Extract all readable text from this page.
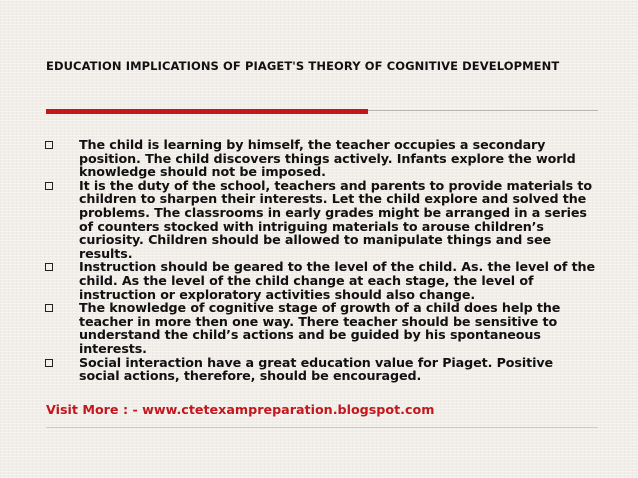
EDUCATION IMPLICATIONS OF PIAGET'S THEORY OF COGNITIVE DEVELOPMENT
The child is learning by himself, the teacher occupies a secondary position. The child discovers things actively. Infants explore the world knowledge should not be imposed.
It is the duty of the school, teachers and parents to provide materials to children to sharpen their interests. Let the child explore and solved the problems. The classrooms in early grades might be arranged in a series of counters stocked with intriguing materials to arouse children’s curiosity. Children should be allowed to manipulate things and see results.
Instruction should be geared to the level of the child. As. the level of the child. As the level of the child change at each stage, the level of instruction or exploratory activities should also change.
The knowledge of cognitive stage of growth of a child does help the teacher in more then one way. There teacher should be sensitive to understand the child’s actions and be guided by his spontaneous interests.
Social interaction have a great education value for Piaget. Positive social actions, therefore, should be encouraged.
Visit More : - www.ctetexampreparation.blogspot.com
